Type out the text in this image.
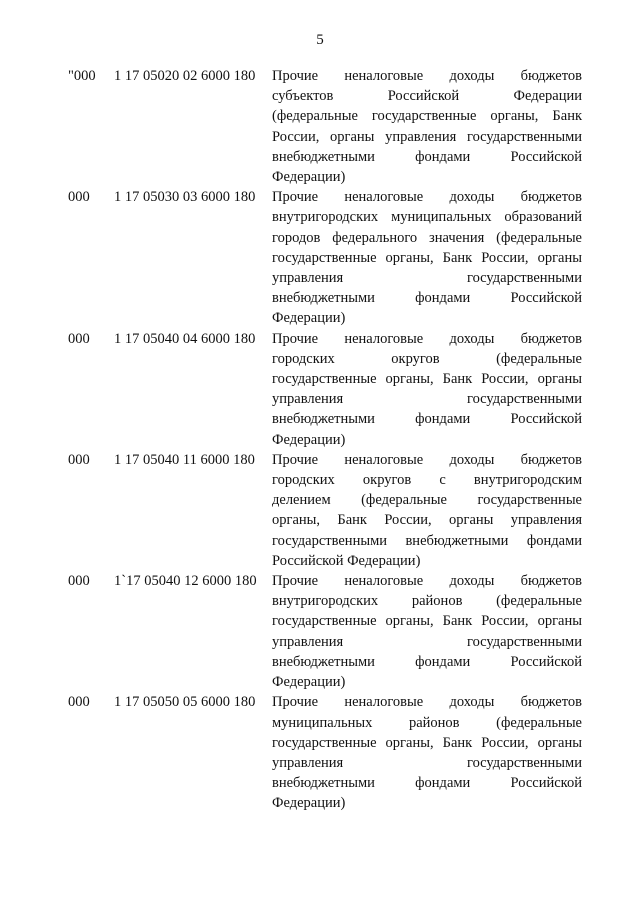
5
"000	1 17 05020 02 6000 180	Прочие неналоговые доходы бюджетов
субъектов Российской Федерации
(федеральные государственные органы, Банк
России, органы управления государственными
внебюджетными фондами Российской
Федерации)
000	1 17 05030 03 6000 180	Прочие неналоговые доходы бюджетов
внутригородских муниципальных образований
городов федерального значения (федеральные
государственные органы, Банк России, органы
управления государственными
внебюджетными фондами Российской
Федерации)
000	1 17 05040 04 6000 180	Прочие неналоговые доходы бюджетов
городских округов (федеральные
государственные органы, Банк России, органы
управления государственными
внебюджетными фондами Российской
Федерации)
000	1 17 05040 11 6000 180	Прочие неналоговые доходы бюджетов
городских округов с внутригородским
делением (федеральные государственные
органы, Банк России, органы управления
государственными внебюджетными фондами
Российской Федерации)
000	1`17 05040 12 6000 180	Прочие неналоговые доходы бюджетов
внутригородских районов (федеральные
государственные органы, Банк России, органы
управления государственными
внебюджетными фондами Российской
Федерации)
000	1 17 05050 05 6000 180	Прочие неналоговые доходы бюджетов
муниципальных районов (федеральные
государственные органы, Банк России, органы
управления государственными
внебюджетными фондами Российской
Федерации)
